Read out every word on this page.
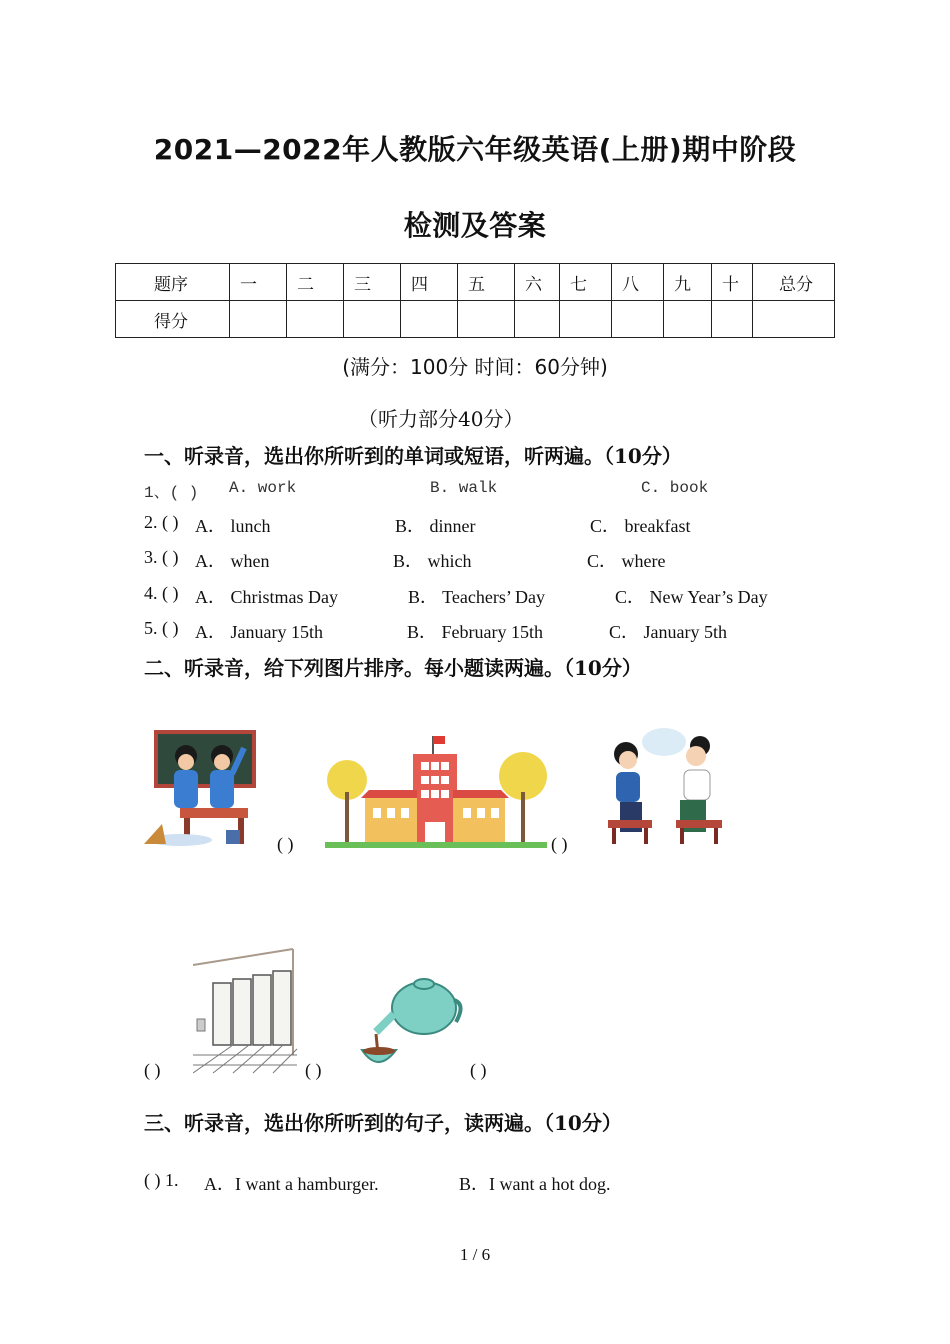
2021—2022年人教版六年级英语(上册)期中阶段
检测及答案
题序	一	二	三	四	五	六	七	八	九	十	总分
得分											
(满分：100分 时间：60分钟)
（听力部分40分）
一、听录音，选出你所听到的单词或短语，听两遍。（10分）
1、( ) A. work	B. walk	C. book
2. ( ) A． lunch	B． dinner	C． breakfast
3. ( ) A． when	B． which	C． where
4. ( ) A． Christmas Day	B． Teachers’ Day	C． New Year’s Day
5. ( ) A． January 15th	B． February 15th	C． January 5th
二、听录音，给下列图片排序。每小题读两遍。（10分）
( )	( )
( )	( )	( )
三、听录音，选出你所听到的句子，读两遍。（10分）
( ) 1. A．I want a hamburger.	B．I want a hot dog.
1 / 6
